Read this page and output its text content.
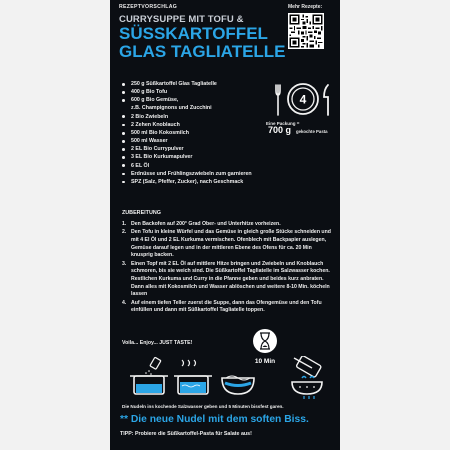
REZEPTVORSCHLAG
CURRYSUPPE MIT TOFU &
SÜSSKARTOFFEL
GLAS TAGLIATELLE
Mehr Rezepte:
250 g Süßkartoffel Glas Tagliatelle
400 g Bio Tofu
600 g Bio Gemüse,
z.B. Champignons und Zucchini
2 Bio Zwiebeln
2 Zehen Knoblauch
500 ml Bio Kokosmilch
500 ml Wasser
2 EL Bio Currypulver
3 EL Bio Kurkumapulver
6 EL Öl
Erdnüsse und Frühlingszwiebeln zum garnieren
SPZ (Salz, Pfeffer, Zucker), nach Geschmack
4
Eine Packung =
700 g gekochte Pasta
ZUBEREITUNG
1. Den Backofen auf 200° Grad Ober- und Unterhitze vorheizen.
2. Den Tofu in kleine Würfel und das Gemüse in gleich große Stücke schneiden und mit 4 El Öl und 2 EL Kurkuma vermischen. Ofenblech mit Backpapier auslegen, Gemüse darauf legen und in der mittleren Ebene des Ofens für ca. 20 Min knusprig backen.
3. Einen Topf mit 2 EL Öl auf mittlere Hitze bringen und Zwiebeln und Knoblauch schmoren, bis sie weich sind. Die Süßkartoffel Tagliatelle im Salzwasser kochen. Restlichen Kurkuma und Curry in die Pfanne geben und beides kurz anbraten. Dann alles mit Kokosmilch und Wasser ablöschen und weitere 8-10 Min. köcheln lassen
4. Auf einem tiefen Teller zuerst die Suppe, dann das Ofengemüse und den Tofu einfüllen und dann mit Süßkartoffel Tagliatelle toppen.
Voila... Enjoy... JUST TASTE!
10 Min
Die Nudeln ins kochende Salzwasser geben und 5 Minuten bissfest garen.
** Die neue Nudel mit dem soften Biss.
TIPP: Probiere die Süßkartoffel-Pasta für Salate aus!
